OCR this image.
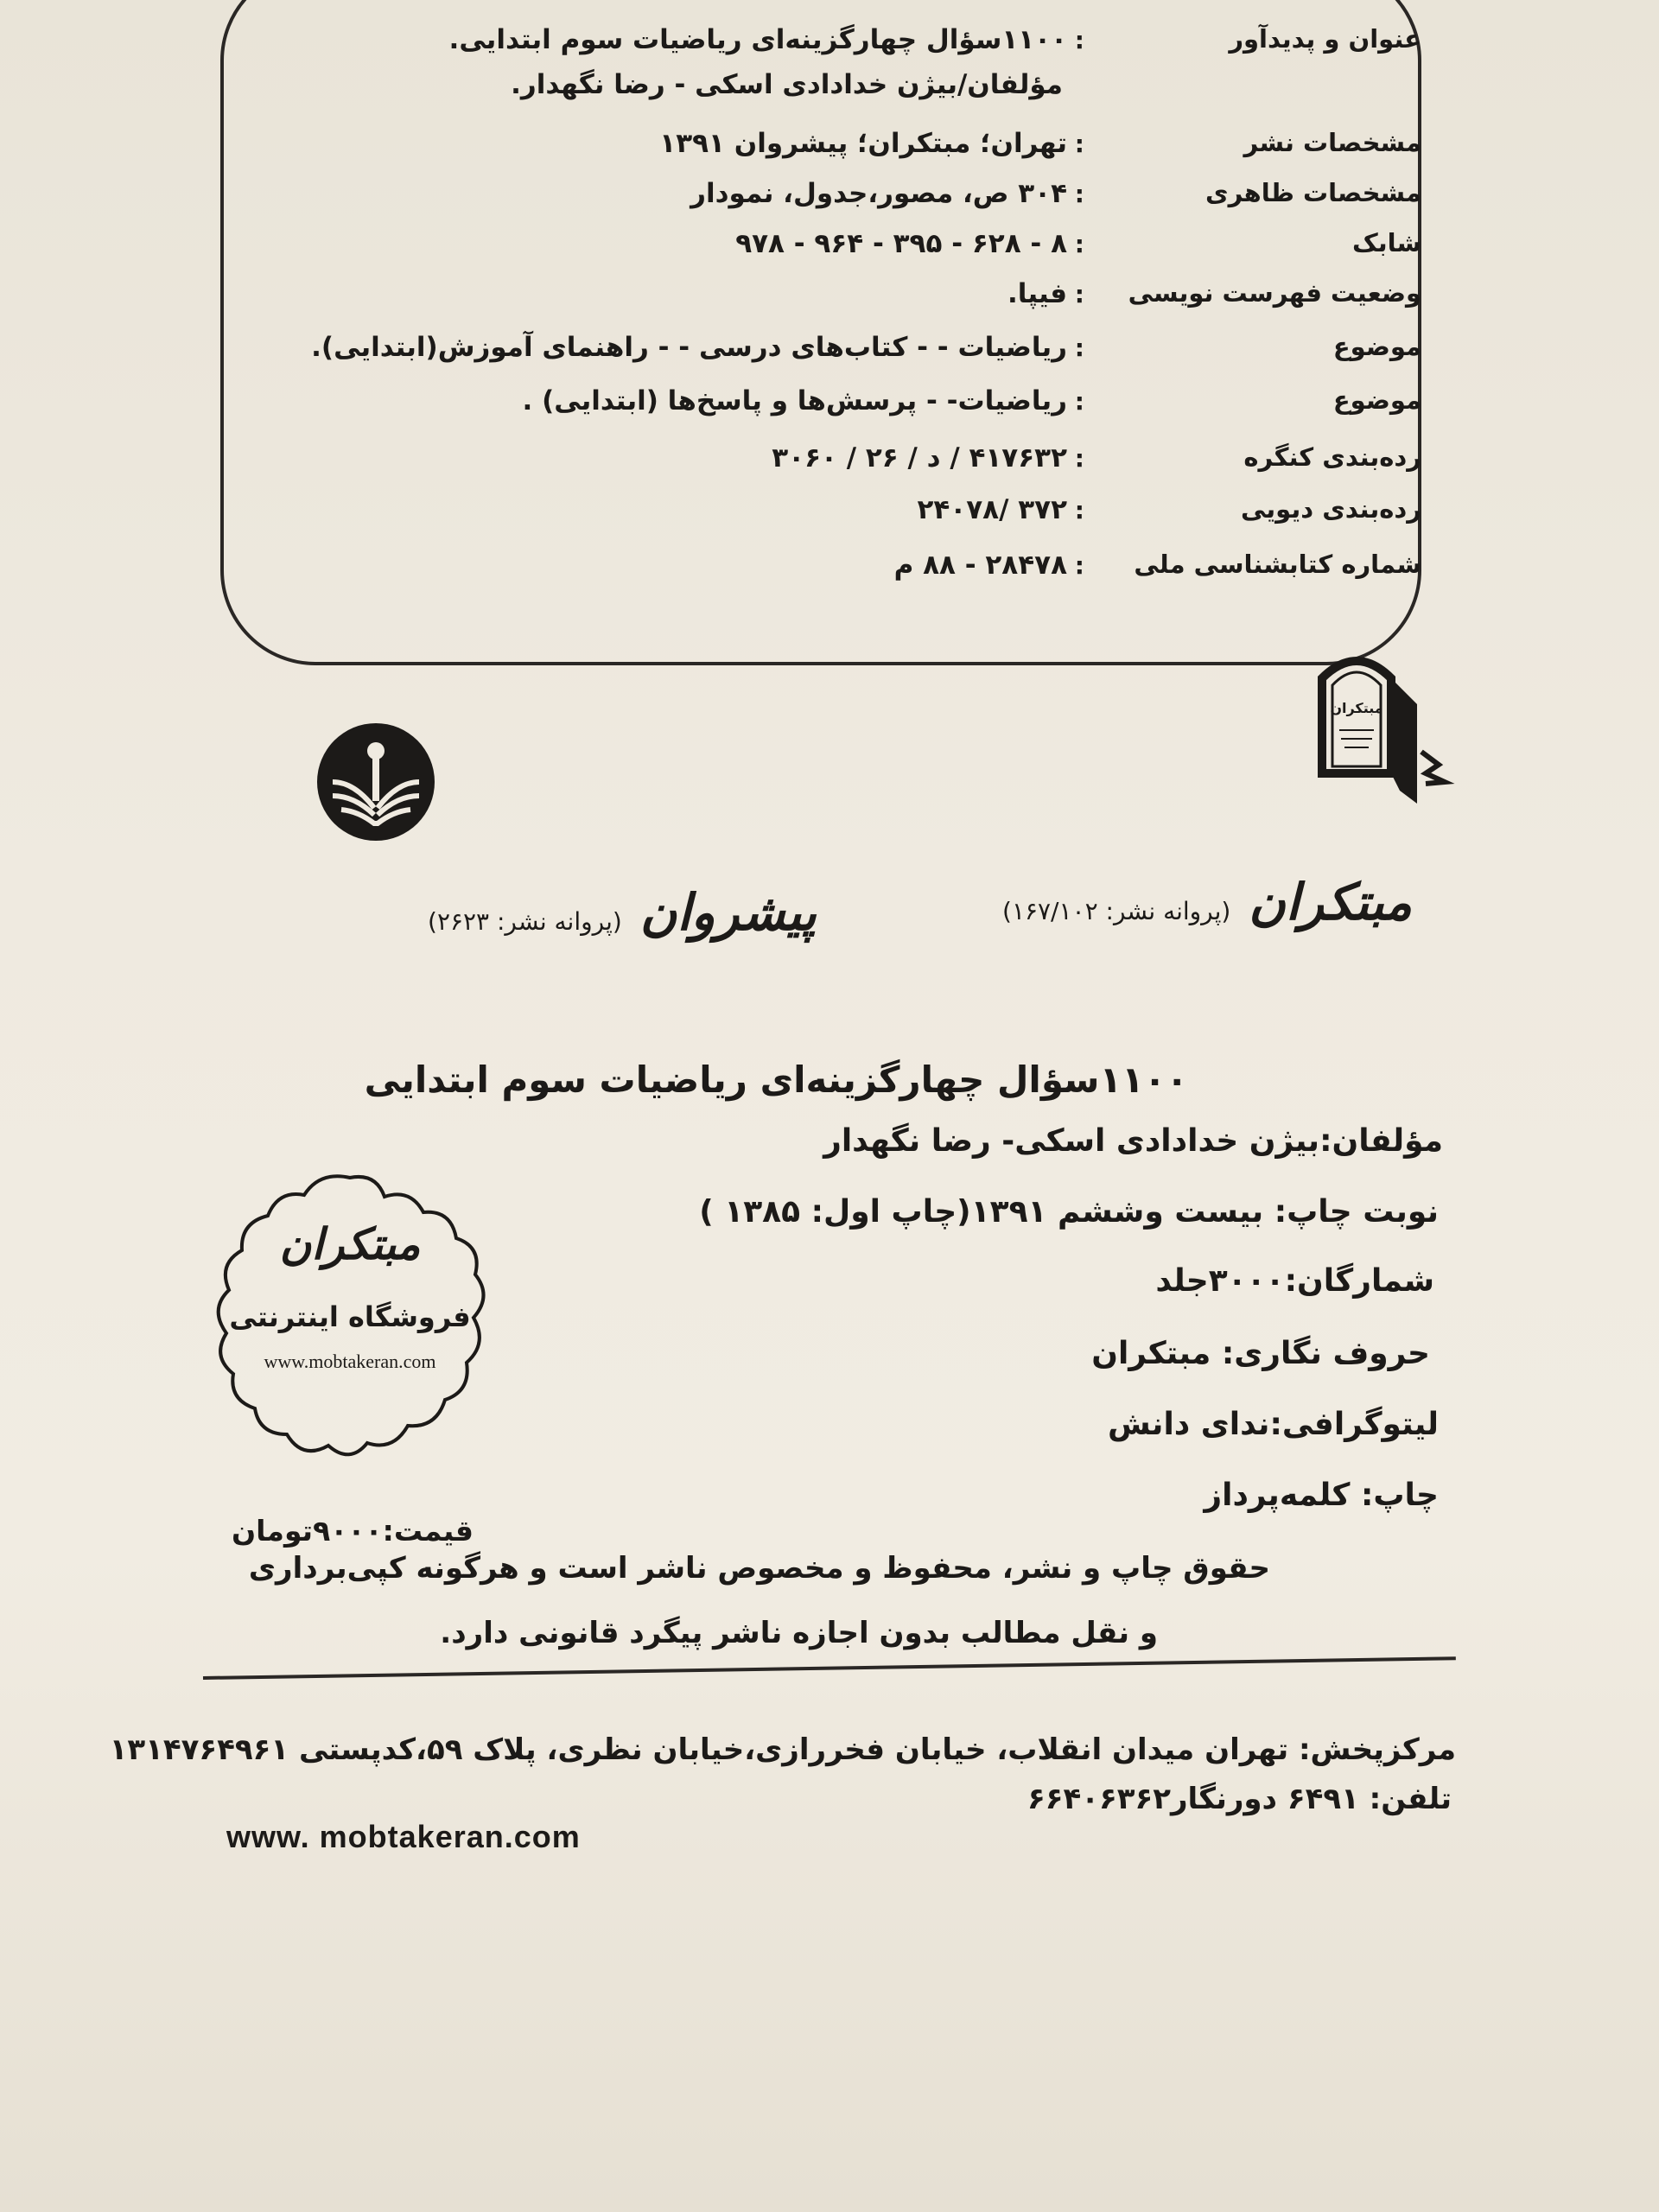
عنوان و پدیدآور
:
۱۱۰۰سؤال چهارگزینه‌ای ریاضیات سوم ابتدایی.
مؤلفان/بیژن خدادادی اسکی - رضا نگهدار.
مشخصات نشر
:
تهران؛ مبتکران؛ پیشروان ۱۳۹۱
مشخصات ظاهری
:
۳۰۴ ص، مصور،جدول، نمودار
شابک
:
۸ - ۶۲۸ - ۳۹۵ - ۹۶۴ - ۹۷۸
وضعیت فهرست نویسی
:
فیپا.
موضوع
:
ریاضیات - - کتاب‌های درسی - - راهنمای آموزش(ابتدایی).
موضوع
:
ریاضیات- - پرسش‌ها و پاسخ‌ها (ابتدایی) .
رده‌بندی کنگره
:
۴۱۷۶۳۲ / د / ۲۶ / ۳۰۶۰
رده‌بندی دیویی
:
۳۷۲ /۲۴۰۷۸
شماره کتابشناسی ملی
:
۲۸۴۷۸ - ۸۸ م
مبتکران
مبتکران (پروانه نشر: ۱۶۷/۱۰۲)
پیشروان (پروانه نشر: ۲۶۲۳)
۱۱۰۰سؤال چهارگزینه‌ای ریاضیات سوم ابتدایی
مؤلفان:بیژن خدادادی اسکی- رضا نگهدار
نوبت چاپ: بیست وششم ۱۳۹۱(چاپ اول: ۱۳۸۵ )
شمارگان:۳۰۰۰جلد
حروف نگاری: مبتکران
لیتوگرافی:ندای دانش
چاپ: کلمه‌پرداز
قیمت:۹۰۰۰تومان
حقوق چاپ و نشر، محفوظ و مخصوص ناشر است و هرگونه کپی‌برداری
و نقل مطالب بدون اجازه ناشر پیگرد قانونی دارد.
مبتکران
فروشگاه اینترنتی
www.mobtakeran.com
مرکزپخش: تهران میدان انقلاب، خیابان فخررازی،خیابان نظری، پلاک ۵۹،کدپستی ۱۳۱۴۷۶۴۹۶۱
تلفن: ۶۴۹۱ دورنگار۶۶۴۰۶۳۶۲
www. mobtakeran.com
